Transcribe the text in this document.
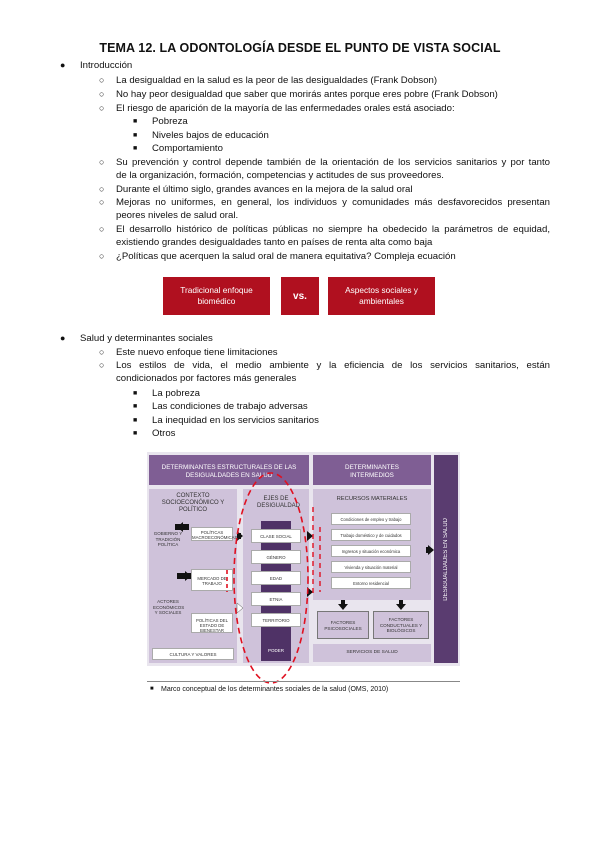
TEMA 12. LA ODONTOLOGÍA DESDE EL PUNTO DE VISTA SOCIAL
● Introducción
○ La desigualdad en la salud es la peor de las desigualdades (Frank Dobson)
○ No hay peor desigualdad que saber que morirás antes porque eres pobre (Frank Dobson)
○ El riesgo de aparición de la mayoría de las enfermedades orales está asociado:
■ Pobreza
■ Niveles bajos de educación
■ Comportamiento
○ Su prevención y control depende también de la orientación de los servicios sanitarios y por tanto
de la organización, formación, competencias y actitudes de sus proveedores.
○ Durante el último siglo, grandes avances en la mejora de la salud oral
○ Mejoras no uniformes, en general, los individuos y comunidades más desfavorecidos presentan
peores niveles de salud oral.
○ El desarrollo histórico de políticas públicas no siempre ha obedecido la parámetros de equidad,
existiendo grandes desigualdades tanto en países de renta alta como baja
○ ¿Políticas que acerquen la salud oral de manera equitativa? Compleja ecuación
Tradicional enfoque biomédico	vs.
Aspectos sociales y ambientales
● Salud y determinantes sociales
○ Este nuevo enfoque tiene limitaciones
○ Los estilos de vida, el medio ambiente y la eficiencia de los servicios sanitarios, están
condicionados por factores más generales
■ La pobreza
■ Las condiciones de trabajo adversas
■ La inequidad en los servicios sanitarios
■ Otros
DETERMINANTES ESTRUCTURALES DE LAS DESIGUALDADES EN SALUD
DETERMINANTES INTERMEDIOS
DESIGUALDADES EN SALUD
CONTEXTO SOCIOECONÓMICO Y POLÍTICO
GOBIERNO Y TRADICIÓN POLÍTICA
ACTORES ECONÓMICOS Y SOCIALES
POLÍTICAS MACROECONÓMICAS
MERCADO DE TRABAJO
POLÍTICAS DEL ESTADO DE BIENESTAR
CULTURA Y VALORES
EJES DE DESIGUALDAD
CLASE SOCIAL
GÉNERO
EDAD
ETNIA
TERRITORIO
PODER
RECURSOS MATERIALES
Condiciones de empleo y trabajo
Trabajo doméstico y de cuidados
Ingresos y situación económica
Vivienda y situación material
Entorno residencial
FACTORES PSICOSOCIALES
FACTORES CONDUCTUALES Y BIOLÓGICOS
SERVICIOS DE SALUD
■ Marco conceptual de los determinantes sociales de la salud (OMS, 2010)
